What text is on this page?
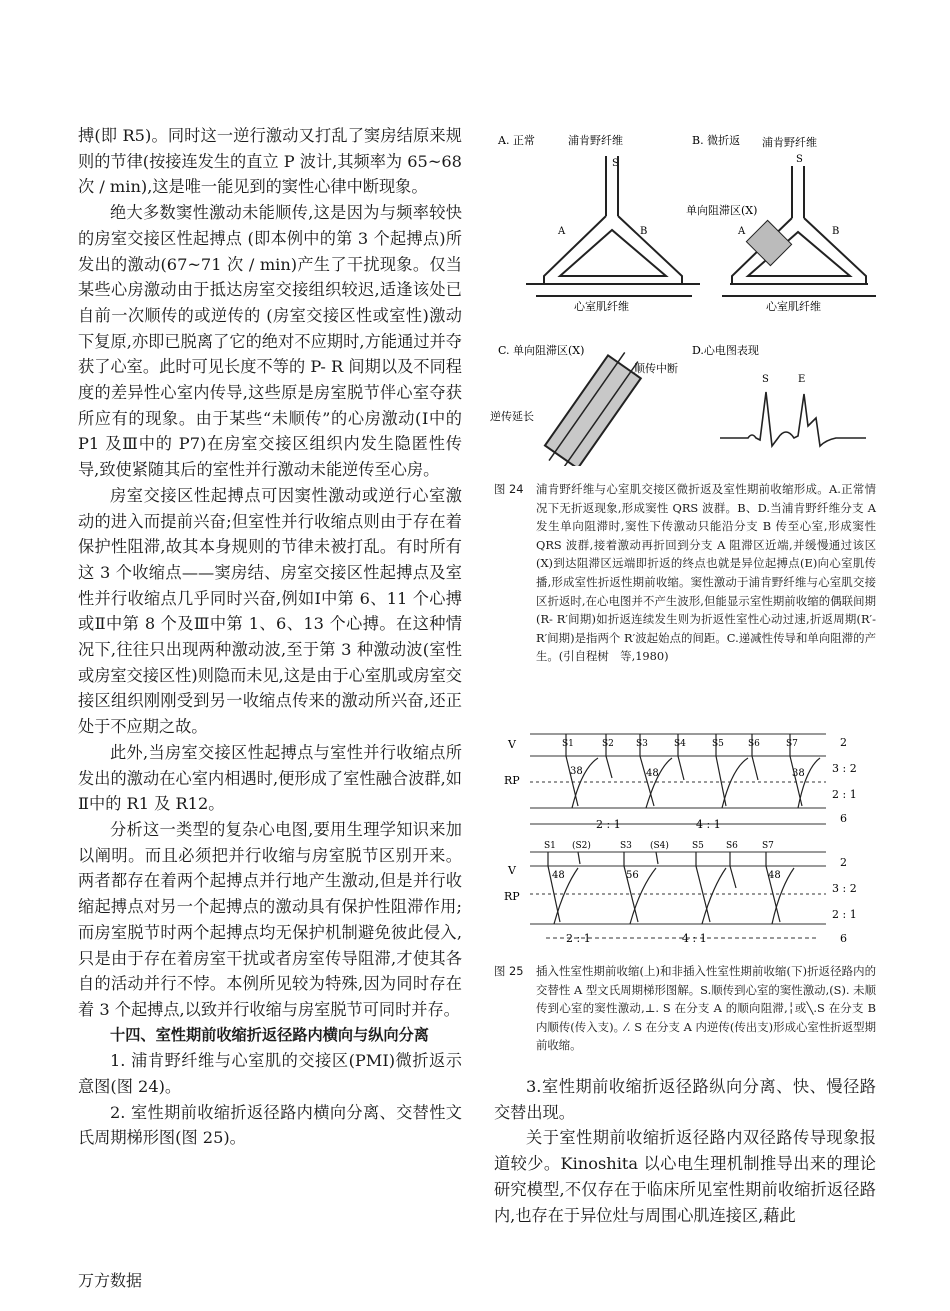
搏(即 R5)。同时这一逆行激动又打乱了窦房结原来规则的节律(按接连发生的直立 P 波计,其频率为 65~68 次 / min),这是唯一能见到的窦性心律中断现象。

绝大多数窦性激动未能顺传,这是因为与频率较快的房室交接区性起搏点 (即本例中的第 3 个起搏点)所发出的激动(67~71 次 / min)产生了干扰现象。仅当某些心房激动由于抵达房室交接组织较迟,适逢该处已自前一次顺传的或逆传的 (房室交接区性或室性)激动下复原,亦即已脱离了它的绝对不应期时,方能通过并夺获了心室。此时可见长度不等的 P- R 间期以及不同程度的差异性心室内传导,这些原是房室脱节伴心室夺获所应有的现象。由于某些“未顺传”的心房激动(Ⅰ中的 P1 及Ⅲ中的 P7)在房室交接区组织内发生隐匿性传导,致使紧随其后的室性并行激动未能逆传至心房。

房室交接区性起搏点可因窦性激动或逆行心室激动的进入而提前兴奋;但室性并行收缩点则由于存在着保护性阻滞,故其本身规则的节律未被打乱。有时所有这 3 个收缩点——窦房结、房室交接区性起搏点及室性并行收缩点几乎同时兴奋,例如Ⅰ中第 6、11 个心搏或Ⅱ中第 8 个及Ⅲ中第 1、6、13 个心搏。在这种情况下,往往只出现两种激动波,至于第 3 种激动波(室性或房室交接区性)则隐而未见,这是由于心室肌或房室交接区组织刚刚受到另一收缩点传来的激动所兴奋,还正处于不应期之故。

此外,当房室交接区性起搏点与室性并行收缩点所发出的激动在心室内相遇时,便形成了室性融合波群,如Ⅱ中的 R1 及 R12。

分析这一类型的复杂心电图,要用生理学知识来加以阐明。而且必须把并行收缩与房室脱节区别开来。两者都存在着两个起搏点并行地产生激动,但是并行收缩起搏点对另一个起搏点的激动具有保护性阻滞作用;而房室脱节时两个起搏点均无保护机制避免彼此侵入,只是由于存在着房室干扰或者房室传导阻滞,才使其各自的活动并行不悖。本例所见较为特殊,因为同时存在着 3 个起搏点,以致并行收缩与房室脱节可同时并存。

十四、室性期前收缩折返径路内横向与纵向分离

1. 浦肯野纤维与心室肌的交接区(PMI)微折返示意图(图 24)。

2. 室性期前收缩折返径路内横向分离、交替性文氏周期梯形图(图 25)。

A. 正常	浦肯野纤维
S
A	B
心室肌纤维
B. 微折返 浦肯野纤维
S
单向阻滞区(X)
A	B
心室肌纤维
C. 单向阻滞区(X)
顺传中断
逆传延长
D.心电图表现
S	E
图 24 浦肯野纤维与心室肌交接区微折返及室性期前收缩形成。A.正常情况下无折返现象,形成窦性 QRS 波群。B、D.当浦肯野纤维分支 A 发生单向阻滞时,窦性下传激动只能沿分支 B 传至心室,形成窦性 QRS 波群,接着激动再折回到分支 A 阻滞区近端,并缓慢通过该区(X)到达阻滞区远端即折返的终点也就是异位起搏点(E)向心室肌传播,形成室性折返性期前收缩。窦性激动于浦肯野纤维与心室肌交接区折返时,在心电图并不产生波形,但能显示室性期前收缩的偶联间期(R- R′间期)如折返连续发生则为折返性室性心动过速,折返周期(R′- R′间期)是指两个 R′波起始点的间距。C.递减性传导和单向阻滞的产生。(引自程树　等,1980)
V
RP
S1	S2 S3	S4	S5	S6	S7
38	48	38
2
3 : 2
2 : 1
6
2 : 1	4 : 1
S1 (S2)	S3 (S4)	S5 S6	S7
V
RP
48	56	48
2
3 : 2
2 : 1
6
2 : 1	4 : 1
图 25 插入性室性期前收缩(上)和非插入性室性期前收缩(下)折返径路内的交替性 A 型文氏周期梯形图解。S.顺传到心室的窦性激动,(S). 未顺传到心室的窦性激动,⊥. S 在分支 A 的顺向阻滞,╎或╲.S 在分支 B 内顺传(传入支)。⁄. S 在分支 A 内逆传(传出支)形成心室性折返型期前收缩。

3.室性期前收缩折返径路纵向分离、快、慢径路交替出现。

关于室性期前收缩折返径路内双径路传导现象报道较少。Kinoshita 以心电生理机制推导出来的理论研究模型,不仅存在于临床所见室性期前收缩折返径路内,也存在于异位灶与周围心肌连接区,藉此

万方数据
